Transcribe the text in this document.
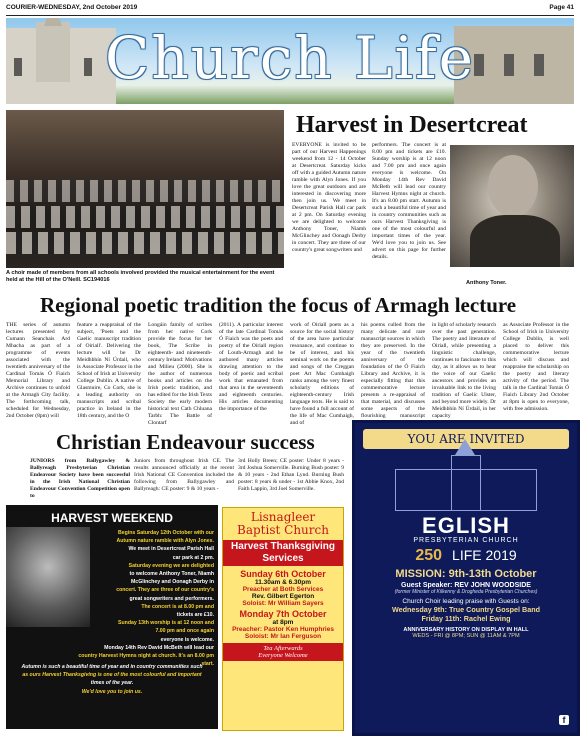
COURIER-WEDNESDAY, 2nd October 2019	Page 41
Church Life
A choir made of members from all schools involved provided the musical entertainment for the event held at the Hill of the O'Neill. SC194016
Harvest in Desertcreat
EVERYONE is invited to be part of our Harvest Happenings weekend from 12 - 14 October at Desertcreat. Saturday kicks off with a guided Autumn nature ramble with Alyn Jones. If you love the great outdoors and are interested in discovering more then join us. We meet in Desertcreat Parish Hall car park at 2 pm. On Saturday evening we are delighted to welcome Anthony Toner, Niamh McGlinchey and Oonagh Derby in concert. They are three of our country's great songwriters and
performers. The concert is at 8.00 pm and tickets are £10. Sunday worship is at 12 noon and 7.00 pm and once again everyone is welcome. On Monday 14th Rev David McBeth will lead our country Harvest Hymns night at church. It's an 8.00 pm start. Autumn is such a beautiful time of year and in country communities such as ours Harvest Thanksgiving is one of the most colourful and important times of the year. We'd love you to join us. See advert on this page for further details.
Anthony Toner.
Regional poetic tradition the focus of Armagh lecture
THE series of autumn lectures presented by Cumann Seanchais Ard Mhacha as part of a programme of events associated with the twentieth anniversary of the Cardinal Tomás Ó Fiaich Memorial Library and Archive continues to unfold at the Armagh City facility. The forthcoming talk, scheduled for Wednesday, 2nd October (8pm) will
feature a reappraisal of the subject, 'Poets and the Gaelic manuscript tradition of Oiriall'. Delivering the lecture will be Dr Meidhbhín Ní Úrdail, who is Associate Professor in the School of Irish at University College Dublin. A native of Glasmuire, Co Cork, she is a leading authority on manuscripts and scribal practice in Ireland in the 18th century, and the O
Longáin family of scribes from her native Cork provide the focus for her book, The Scribe in eighteenth- and nineteenth-century Ireland: Motivations and Milieu (2000). She is the author of numerous books and articles on the Irish poetic tradition, and has edited for the Irish Texts Society the early modern historical text Cath Chluana Tarbh: The Battle of Clontarf
(2011). A particular interest of the late Cardinal Tomás Ó Fiaich was the poets and poetry of the Oiriall region of Louth-Armagh and he authored many articles drawing attention to the body of poetic and scribal work that emanated from that area in the seventeenth and eighteenth centuries. His articles documenting the importance of the
work of Oiriall poets as a source for the social history of the area have particular resonance, and continue to be of interest, and his seminal work on the poems and songs of the Creggan poet Art Mac Cumhaigh ranks among the very finest scholarly editions of eighteenth-century Irish language texts. He is said to have found a full account of the life of Mac Cumhaigh, and of
his poems culled from the many delicate and rare manuscript sources in which they are preserved. In the year of the twentieth anniversary of the foundation of the Ó Fiaich Library and Archive, it is especially fitting that this commemorative lecture presents a re-appraisal of that material, and discusses some aspects of the flourishing manuscript
in light of scholarly research over the past generation. The poetry and literature of Oiriall, while presenting a linguistic challenge, continues to fascinate to this day, as it allows us to hear the voice of our Gaelic ancestors and provides an invaluable link to the living tradition of Gaelic Ulster, and beyond more widely. Dr Meidhbhín Ní Úrdail, in her capacity
as Associate Professor in the School of Irish in University College Dublin, is well placed to deliver this commemorative lecture which will discuss and reappraise the scholarship on the poetry and literary activity of the period. The talk in the Cardinal Tomás Ó Fiaich Library 2nd October at 8pm is open to everyone, with free admission.
Christian Endeavour success
JUNIORS from Ballygawley & Ballyreagh Presbyterian Christian Endeavour Society have been successful in the Irish National Christian Endeavour Convention Competition open to
Juniors from throughout Irish CE. The results announced officially at the recent Irish National CE Convention included the following from Ballygawley and Ballyreagh: CE poster: 9 & 10 years -
3rd Holly Breen; CE poster: Under 8 years - 3rd Joshua Somerville. Burning Bush poster: 9 & 10 years - 2nd Ethan Lynd. Burning Bush poster: 8 years & under - 1st Abbie Knox, 2nd Faith Lappin, 3rd Joel Somerville.
HARVEST WEEKEND
Begins Saturday 12th October with our
Autumn nature ramble with Alyn Jones.
We meet in Desertcreat Parish Hall
car park at 2 pm.
Saturday evening we are delighted
to welcome Anthony Toner, Niamh
McGlinchey and Oonagh Derby in
concert. They are three of our country's
great songwriters and performers.
The concert is at 8.00 pm and
tickets are £10.
Sunday 13th worship is at 12 noon and
7.00 pm and once again
everyone is welcome.
Monday 14th Rev David McBeth will lead our
country Harvest Hymns night at church. It's an 8.00 pm start.
Autumn is such a beautiful time of year and in country communities such
as ours Harvest Thanksgiving is one of the most colourful and important
times of the year.
We'd love you to join us.
Lisnagleer
Baptist Church
Harvest Thanksgiving Services
Sunday 6th October
11.30am & 6.30pm
Preacher at Both Services
Rev. Gilbert Egerton
Soloist: Mr William Sayers
Monday 7th October
at 8pm
Preacher: Pastor Ken Humphries
Soloist: Mr Ian Ferguson
Tea Afterwards
Everyone Welcome
YOU ARE INVITED
EGLISH
PRESBYTERIAN CHURCH
250 LIFE 2019
MISSION: 9th-13th October
Guest Speaker: REV JOHN WOODSIDE
(former Minister of Kilkenny & Drogheda Presbyterian Churches)
Church Choir leading praise with Guests on:
Wednesday 9th: True Country Gospel Band
Friday 11th: Rachel Ewing
ANNIVERSARY HISTORY ON DISPLAY IN HALL
WEDS - FRI @ 8PM; SUN @ 11AM & 7PM
f
